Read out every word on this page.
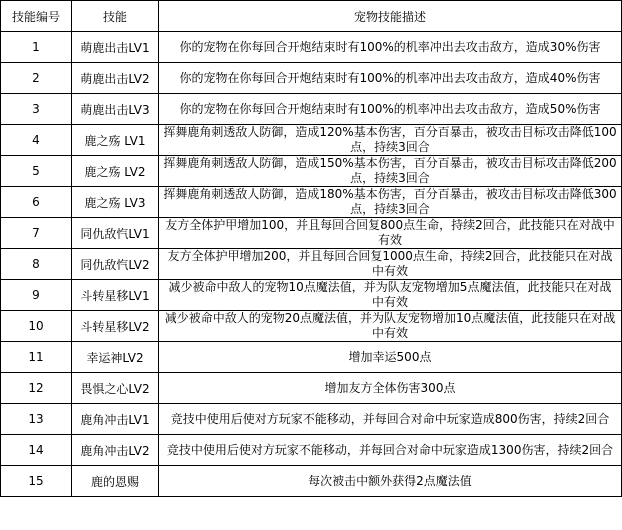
技能编号	技能	宠物技能描述
1	萌鹿出击LV1	你的宠物在你每回合开炮结束时有100%的机率冲出去攻击敌方，造成30%伤害
2	萌鹿出击LV2	你的宠物在你每回合开炮结束时有100%的机率冲出去攻击敌方，造成40%伤害
3	萌鹿出击LV3	你的宠物在你每回合开炮结束时有100%的机率冲出去攻击敌方，造成50%伤害
4	鹿之殇 LV1	挥舞鹿角刺透敌人防御，造成120%基本伤害，百分百暴击，被攻击目标攻击降低100点，持续3回合
5	鹿之殇 LV2	挥舞鹿角刺透敌人防御，造成150%基本伤害，百分百暴击，被攻击目标攻击降低200点，持续3回合
6	鹿之殇 LV3	挥舞鹿角刺透敌人防御，造成180%基本伤害，百分百暴击，被攻击目标攻击降低300点，持续3回合
7	同仇敌忾LV1	友方全体护甲增加100，并且每回合回复800点生命，持续2回合，此技能只在对战中有效
8	同仇敌忾LV2	友方全体护甲增加200，并且每回合回复1000点生命，持续2回合，此技能只在对战中有效
9	斗转星移LV1	减少被命中敌人的宠物10点魔法值，并为队友宠物增加5点魔法值，此技能只在对战中有效
10	斗转星移LV2	减少被命中敌人的宠物20点魔法值，并为队友宠物增加10点魔法值，此技能只在对战中有效
11	幸运神LV2	增加幸运500点
12	畏惧之心LV2	增加友方全体伤害300点
13	鹿角冲击LV1	竞技中使用后使对方玩家不能移动，并每回合对命中玩家造成800伤害，持续2回合
14	鹿角冲击LV2	竞技中使用后使对方玩家不能移动，并每回合对命中玩家造成1300伤害，持续2回合
15	鹿的恩赐	每次被击中额外获得2点魔法值
